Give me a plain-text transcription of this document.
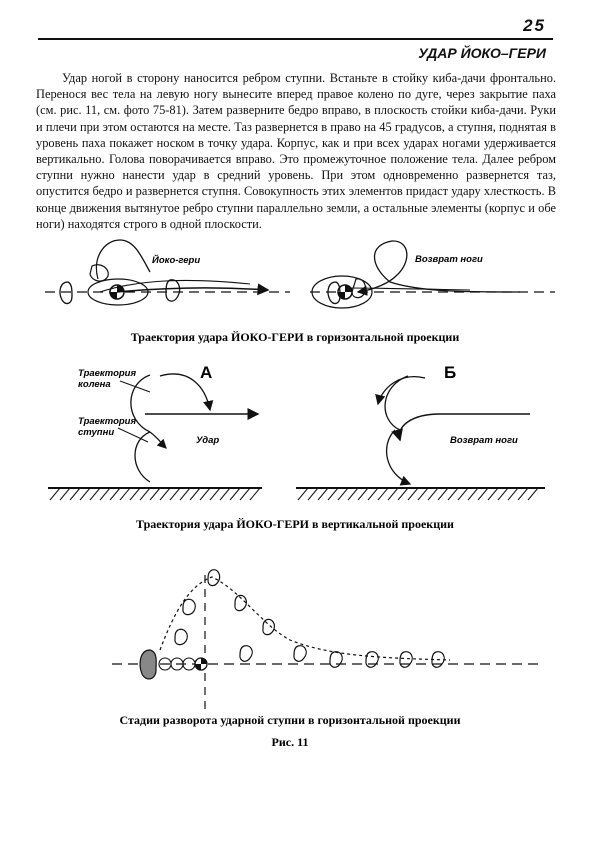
25
УДАР ЙОКО–ГЕРИ

Удар ногой в сторону наносится ребром ступни. Встаньте в стойку киба-дачи фронтально. Перенося вес тела на левую ногу вынесите вперед правое колено по дуге, через закрытие паха (см. рис. 11, см. фото 75-81). Затем разверните бедро вправо, в плоскость стойки киба-дачи. Руки и плечи при этом остаются на месте. Таз развернется в право на 45 градусов, а ступня, поднятая в уровень паха покажет носком в точку удара. Корпус, как и при всех ударах ногами удерживается вертикально. Голова поворачивается вправо. Это промежуточное положение тела. Далее ребром ступни нужно нанести удар в средний уровень. При этом одновременно развернется таз, опустится бедро и развернется ступня. Совокупность этих элементов придаст удару хлесткость. В конце движения вытянутое ребро ступни параллельно земли, а остальные элементы (корпус и обе ноги) находятся строго в одной плоскости.

Йоко-гери	Возврат ноги
Траектория удара ЙОКО-ГЕРИ в горизонтальной проекции
А
Траектория
колена
Траектория
ступни
Удар
Б
Возврат ноги
Траектория удара ЙОКО-ГЕРИ в вертикальной проекции
Стадии разворота ударной ступни в горизонтальной проекции
Рис. 11
